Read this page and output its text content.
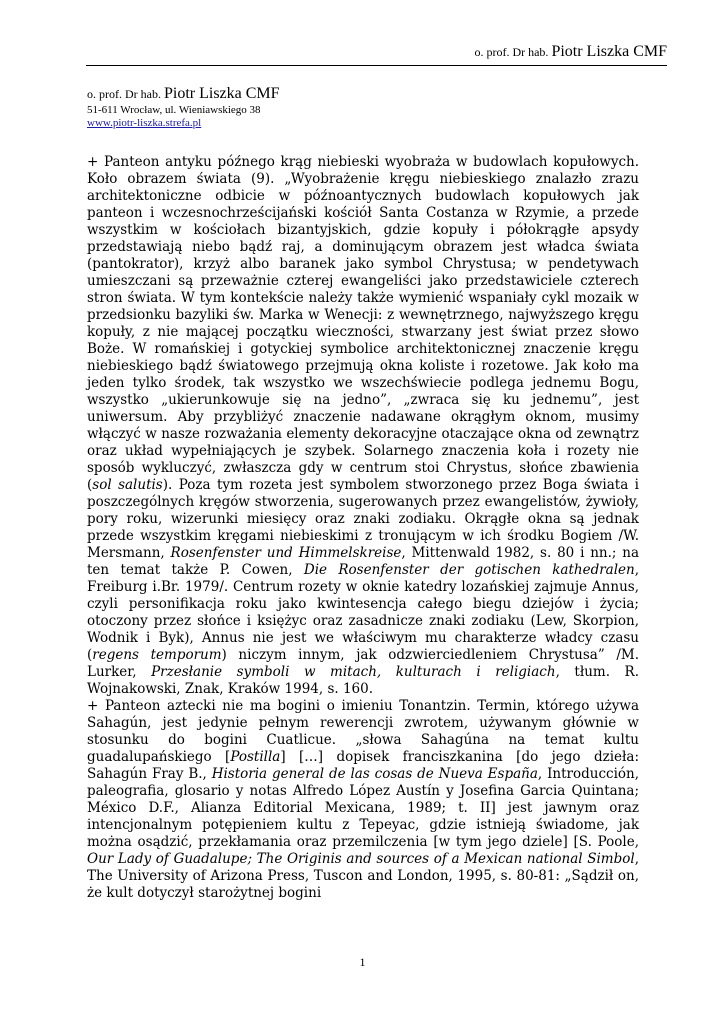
o. prof. Dr hab. Piotr Liszka CMF
o. prof. Dr hab. Piotr Liszka CMF
51-611 Wrocław, ul. Wieniawskiego 38
www.piotr-liszka.strefa.pl

+ Panteon antyku późnego krąg niebieski wyobraża w budowlach kopułowych. Koło obrazem świata (9). „Wyobrażenie kręgu niebieskiego znalazło zrazu architektoniczne odbicie w późnoantycznych budowlach kopułowych jak panteon i wczesnochrześcijański kościół Santa Costanza w Rzymie, a przede wszystkim w kościołach bizantyjskich, gdzie kopuły i półokrągłe apsydy przedstawiają niebo bądź raj, a dominującym obrazem jest władca świata (pantokrator), krzyż albo baranek jako symbol Chrystusa; w pendetywach umieszczani są przeważnie czterej ewangeliści jako przedstawiciele czterech stron świata. W tym kontekście należy także wymienić wspaniały cykl mozaik w przedsionku bazyliki św. Marka w Wenecji: z wewnętrznego, najwyższego kręgu kopuły, z nie mającej początku wieczności, stwarzany jest świat przez słowo Boże. W romańskiej i gotyckiej symbolice architektonicznej znaczenie kręgu niebieskiego bądź światowego przejmują okna koliste i rozetowe. Jak koło ma jeden tylko środek, tak wszystko we wszechświecie podlega jednemu Bogu, wszystko „ukierunkowuje się na jedno”, „zwraca się ku jednemu”, jest uniwersum. Aby przybliżyć znaczenie nadawane okrągłym oknom, musimy włączyć w nasze rozważania elementy dekoracyjne otaczające okna od zewnątrz oraz układ wypełniających je szybek. Solarnego znaczenia koła i rozety nie sposób wykluczyć, zwłaszcza gdy w centrum stoi Chrystus, słońce zbawienia (sol salutis). Poza tym rozeta jest symbolem stworzonego przez Boga świata i poszczególnych kręgów stworzenia, sugerowanych przez ewangelistów, żywioły, pory roku, wizerunki miesięcy oraz znaki zodiaku. Okrągłe okna są jednak przede wszystkim kręgami niebieskimi z tronującym w ich środku Bogiem /W. Mersmann, Rosenfenster und Himmelskreise, Mittenwald 1982, s. 80 i nn.; na ten temat także P. Cowen, Die Rosenfenster der gotischen kathedralen, Freiburg i.Br. 1979/. Centrum rozety w oknie katedry lozańskiej zajmuje Annus, czyli personifikacja roku jako kwintesencja całego biegu dziejów i życia; otoczony przez słońce i księżyc oraz zasadnicze znaki zodiaku (Lew, Skorpion, Wodnik i Byk), Annus nie jest we właściwym mu charakterze władcy czasu (regens temporum) niczym innym, jak odzwierciedleniem Chrystusa” /M. Lurker, Przesłanie symboli w mitach, kulturach i religiach, tłum. R. Wojnakowski, Znak, Kraków 1994, s. 160.

+ Panteon aztecki nie ma bogini o imieniu Tonantzin. Termin, którego używa Sahagún, jest jedynie pełnym rewerencji zwrotem, używanym głównie w stosunku do bogini Cuatlicue. „słowa Sahagúna na temat kultu guadalupańskiego [Postilla] […] dopisek franciszkanina [do jego dzieła: Sahagún Fray B., Historia general de las cosas de Nueva España, Introducción, paleografia, glosario y notas Alfredo López Austín y Josefina Garcia Quintana; México D.F., Alianza Editorial Mexicana, 1989; t. II] jest jawnym oraz intencjonalnym potępieniem kultu z Tepeyac, gdzie istnieją świadome, jak można osądzić, przekłamania oraz przemilczenia [w tym jego dziele] [S. Poole, Our Lady of Guadalupe; The Originis and sources of a Mexican national Simbol, The University of Arizona Press, Tuscon and London, 1995, s. 80-81: „Sądził on, że kult dotyczył starożytnej bogini

1
